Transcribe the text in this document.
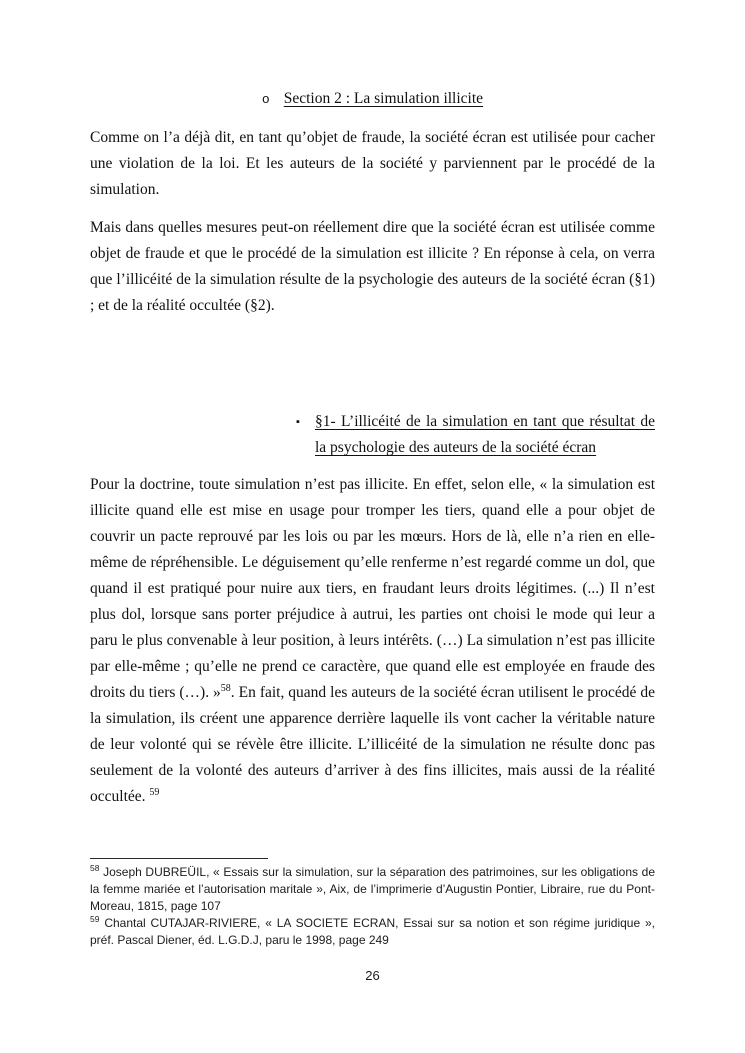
o Section 2 : La simulation illicite

Comme on l’a déjà dit, en tant qu’objet de fraude, la société écran est utilisée pour cacher une violation de la loi. Et les auteurs de la société y parviennent par le procédé de la simulation.

Mais dans quelles mesures peut-on réellement dire que la société écran est utilisée comme objet de fraude et que le procédé de la simulation est illicite ? En réponse à cela, on verra que l’illicéité de la simulation résulte de la psychologie des auteurs de la société écran (§1) ; et de la réalité occultée (§2).

▪ §1- L’illicéité de la simulation en tant que résultat de la psychologie des auteurs de la société écran

Pour la doctrine, toute simulation n’est pas illicite. En effet, selon elle, « la simulation est illicite quand elle est mise en usage pour tromper les tiers, quand elle a pour objet de couvrir un pacte reprouvé par les lois ou par les mœurs. Hors de là, elle n’a rien en elle-même de répréhensible. Le déguisement qu’elle renferme n’est regardé comme un dol, que quand il est pratiqué pour nuire aux tiers, en fraudant leurs droits légitimes. (...) Il n’est plus dol, lorsque sans porter préjudice à autrui, les parties ont choisi le mode qui leur a paru le plus convenable à leur position, à leurs intérêts. (…) La simulation n’est pas illicite par elle-même ; qu’elle ne prend ce caractère, que quand elle est employée en fraude des droits du tiers (…). »$^{58}$. En fait, quand les auteurs de la société écran utilisent le procédé de la simulation, ils créent une apparence derrière laquelle ils vont cacher la véritable nature de leur volonté qui se révèle être illicite. L’illicéité de la simulation ne résulte donc pas seulement de la volonté des auteurs d’arriver à des fins illicites, mais aussi de la réalité occultée. $^{59}$

$^{58}$ Joseph DUBREÜIL, « Essais sur la simulation, sur la séparation des patrimoines, sur les obligations de la femme mariée et l’autorisation maritale », Aix, de l’imprimerie d’Augustin Pontier, Libraire, rue du Pont-Moreau, 1815, page 107

$^{59}$ Chantal CUTAJAR-RIVIERE, « LA SOCIETE ECRAN, Essai sur sa notion et son régime juridique », préf. Pascal Diener, éd. L.G.D.J, paru le 1998, page 249

26
